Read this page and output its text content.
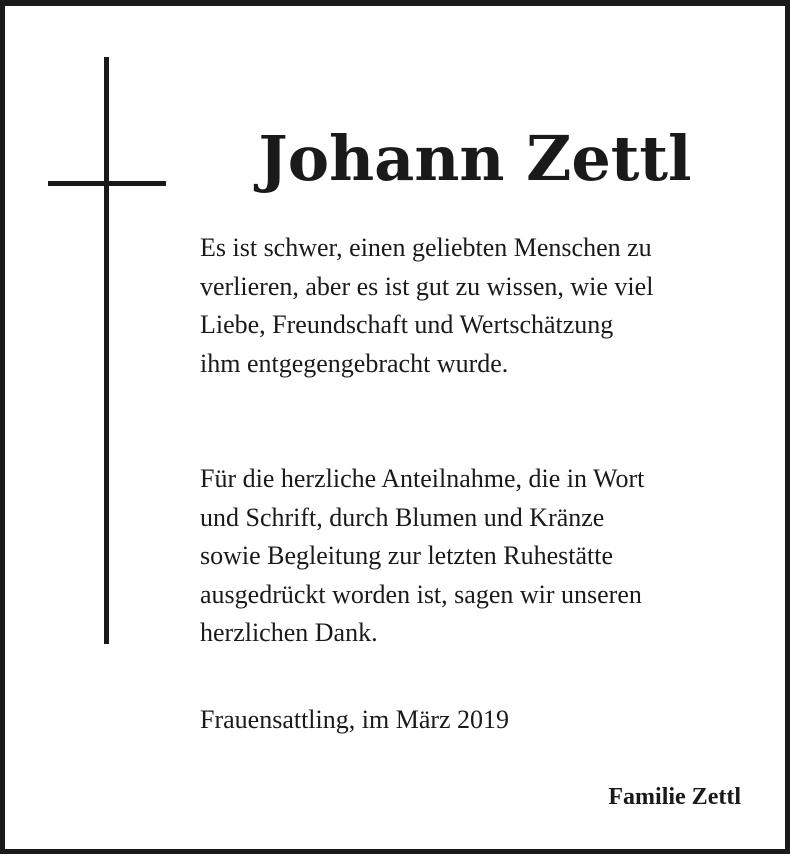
Johann Zettl
Es ist schwer, einen geliebten Menschen zu
verlieren, aber es ist gut zu wissen, wie viel
Liebe, Freundschaft und Wertschätzung
ihm entgegengebracht wurde.
Für die herzliche Anteilnahme, die in Wort
und Schrift, durch Blumen und Kränze
sowie Begleitung zur letzten Ruhestätte
ausgedrückt worden ist, sagen wir unseren
herzlichen Dank.

Frauensattling, im März 2019

Familie Zettl
